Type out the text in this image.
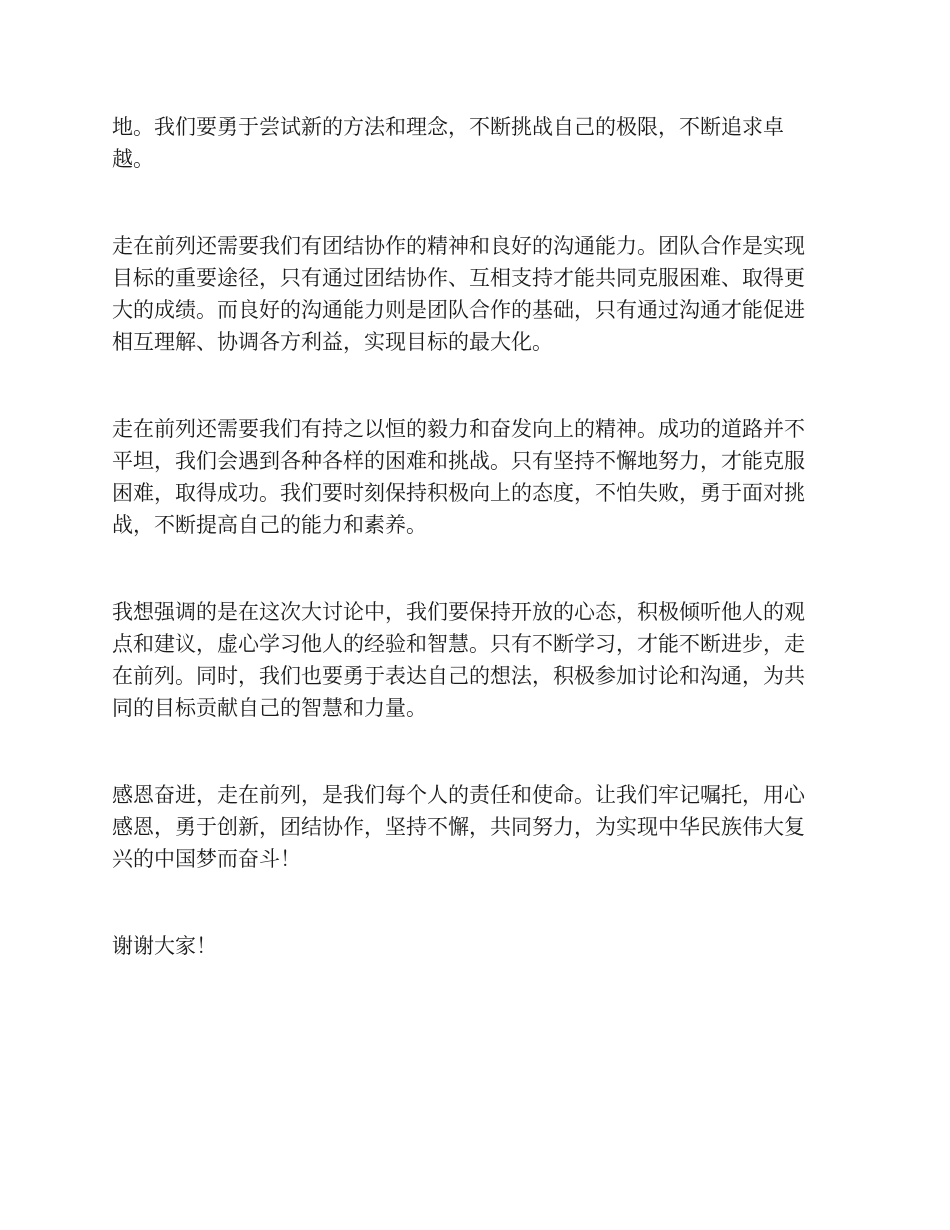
地。我们要勇于尝试新的方法和理念，不断挑战自己的极限，不断追求卓
越。
走在前列还需要我们有团结协作的精神和良好的沟通能力。团队合作是实现
目标的重要途径，只有通过团结协作、互相支持才能共同克服困难、取得更
大的成绩。而良好的沟通能力则是团队合作的基础，只有通过沟通才能促进
相互理解、协调各方利益，实现目标的最大化。
走在前列还需要我们有持之以恒的毅力和奋发向上的精神。成功的道路并不
平坦，我们会遇到各种各样的困难和挑战。只有坚持不懈地努力，才能克服
困难，取得成功。我们要时刻保持积极向上的态度，不怕失败，勇于面对挑
战，不断提高自己的能力和素养。
我想强调的是在这次大讨论中，我们要保持开放的心态，积极倾听他人的观
点和建议，虚心学习他人的经验和智慧。只有不断学习，才能不断进步，走
在前列。同时，我们也要勇于表达自己的想法，积极参加讨论和沟通，为共
同的目标贡献自己的智慧和力量。
感恩奋进，走在前列，是我们每个人的责任和使命。让我们牢记嘱托，用心
感恩，勇于创新，团结协作，坚持不懈，共同努力，为实现中华民族伟大复
兴的中国梦而奋斗！
谢谢大家！
